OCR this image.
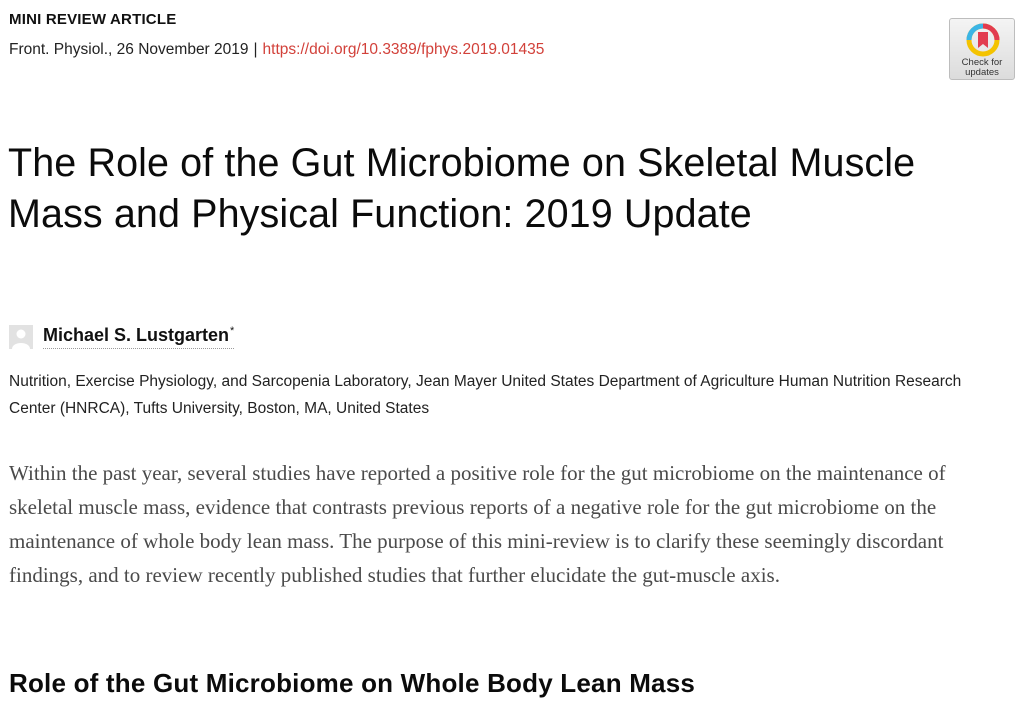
MINI REVIEW ARTICLE
Front. Physiol., 26 November 2019 | https://doi.org/10.3389/fphys.2019.01435
Check for updates
The Role of the Gut Microbiome on Skeletal Muscle Mass and Physical Function: 2019 Update
Michael S. Lustgarten*

Nutrition, Exercise Physiology, and Sarcopenia Laboratory, Jean Mayer United States Department of Agriculture Human Nutrition Research Center (HNRCA), Tufts University, Boston, MA, United States

Within the past year, several studies have reported a positive role for the gut microbiome on the maintenance of skeletal muscle mass, evidence that contrasts previous reports of a negative role for the gut microbiome on the maintenance of whole body lean mass. The purpose of this mini-review is to clarify these seemingly discordant findings, and to review recently published studies that further elucidate the gut-muscle axis.

Role of the Gut Microbiome on Whole Body Lean Mass
